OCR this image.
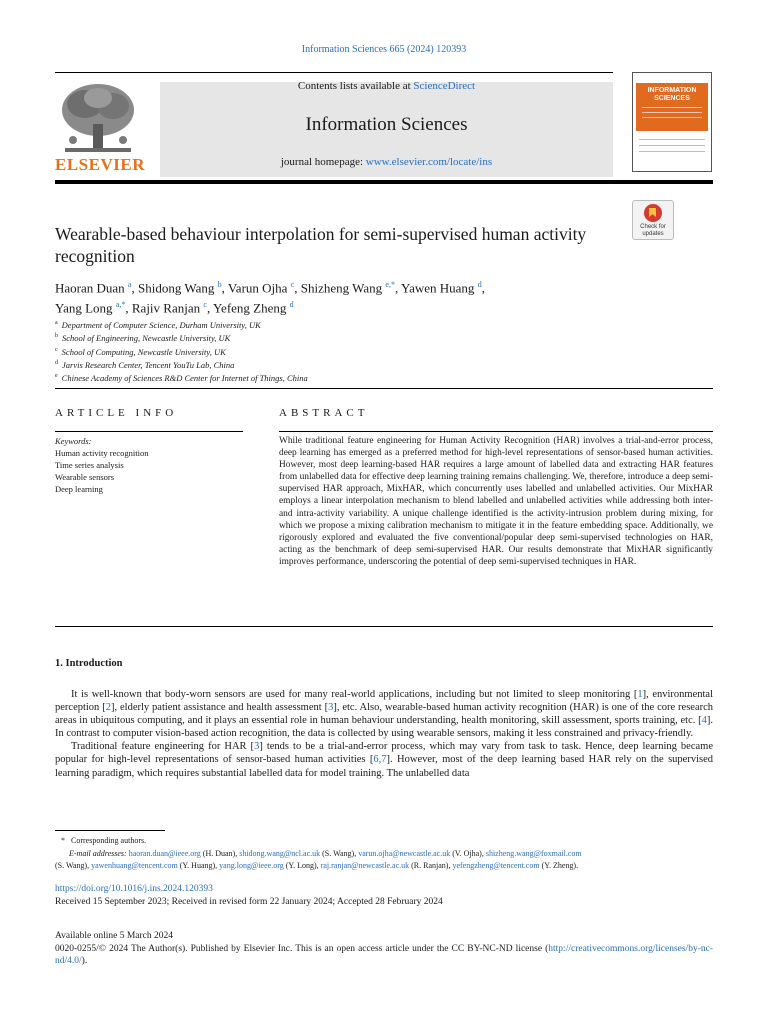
Information Sciences 665 (2024) 120393
ELSEVIER
Contents lists available at ScienceDirect
Information Sciences
journal homepage: www.elsevier.com/locate/ins
INFORMATION SCIENCES
Check for updates
Wearable-based behaviour interpolation for semi-supervised human activity recognition
Haoran Duan $^a$, Shidong Wang $^b$, Varun Ojha $^c$, Shizheng Wang $^{e,*}$, Yawen Huang $^d$,
Yang Long $^{a,*}$, Rajiv Ranjan $^c$, Yefeng Zheng $^d$
$^a$ Department of Computer Science, Durham University, UK
$^b$ School of Engineering, Newcastle University, UK
$^c$ School of Computing, Newcastle University, UK
$^d$ Jarvis Research Center, Tencent YouTu Lab, China
$^e$ Chinese Academy of Sciences R&D Center for Internet of Things, China
ARTICLE INFO	ABSTRACT
Keywords:
Human activity recognition
Time series analysis
Wearable sensors
Deep learning
While traditional feature engineering for Human Activity Recognition (HAR) involves a trial-and-error process, deep learning has emerged as a preferred method for high-level representations of sensor-based human activities. However, most deep learning-based HAR requires a large amount of labelled data and extracting HAR features from unlabelled data for effective deep learning training remains challenging. We, therefore, introduce a deep semi-supervised HAR approach, MixHAR, which concurrently uses labelled and unlabelled activities. Our MixHAR employs a linear interpolation mechanism to blend labelled and unlabelled activities while addressing both inter- and intra-activity variability. A unique challenge identified is the activity-intrusion problem during mixing, for which we propose a mixing calibration mechanism to mitigate it in the feature embedding space. Additionally, we rigorously explored and evaluated the five conventional/popular deep semi-supervised technologies on HAR, acting as the benchmark of deep semi-supervised HAR. Our results demonstrate that MixHAR significantly improves performance, underscoring the potential of deep semi-supervised techniques in HAR.
1. Introduction

It is well-known that body-worn sensors are used for many real-world applications, including but not limited to sleep monitoring [1], environmental perception [2], elderly patient assistance and health assessment [3], etc. Also, wearable-based human activity recognition (HAR) is one of the core research areas in ubiquitous computing, and it plays an essential role in human behaviour understanding, health monitoring, skill assessment, sports training, etc. [4]. In contrast to computer vision-based action recognition, the data is collected by using wearable sensors, making it less constrained and privacy-friendly.

Traditional feature engineering for HAR [3] tends to be a trial-and-error process, which may vary from task to task. Hence, deep learning became popular for high-level representations of sensor-based human activities [6,7]. However, most of the deep learning based HAR rely on the supervised learning paradigm, which requires substantial labelled data for model training. The unlabelled data

*   Corresponding authors.
E-mail addresses: haoran.duan@ieee.org (H. Duan), shidong.wang@ncl.ac.uk (S. Wang), varun.ojha@newcastle.ac.uk (V. Ojha), shizheng.wang@foxmail.com
(S. Wang), yawenhuang@tencent.com (Y. Huang), yang.long@ieee.org (Y. Long), raj.ranjan@newcastle.ac.uk (R. Ranjan), yefengzheng@tencent.com (Y. Zheng).
https://doi.org/10.1016/j.ins.2024.120393
Received 15 September 2023; Received in revised form 22 January 2024; Accepted 28 February 2024
Available online 5 March 2024
0020-0255/© 2024 The Author(s). Published by Elsevier Inc. This is an open access article under the CC BY-NC-ND license (http://creativecommons.org/licenses/by-nc-nd/4.0/).
